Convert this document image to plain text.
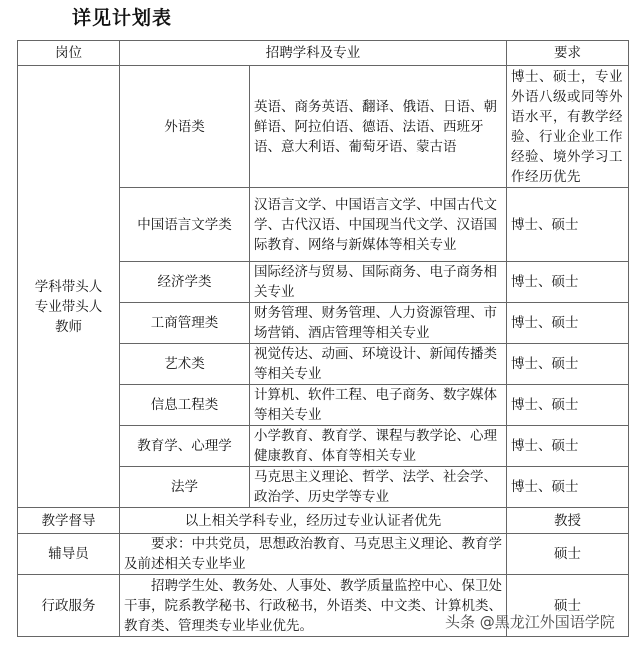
详见计划表
岗位	招聘学科及专业		要求
学科带头人
专业带头人
教师	外语类	英语、商务英语、翻译、俄语、日语、朝鲜语、阿拉伯语、德语、法语、西班牙语、意大利语、葡萄牙语、蒙古语	博士、硕士，专业外语八级或同等外语水平，有教学经验、行业企业工作经验、境外学习工作经历优先
	中国语言文学类	汉语言文学、中国语言文学、中国古代文学、古代汉语、中国现当代文学、汉语国际教育、网络与新媒体等相关专业	博士、硕士
	经济学类	国际经济与贸易、国际商务、电子商务相关专业	博士、硕士
	工商管理类	财务管理、财务管理、人力资源管理、市场营销、酒店管理等相关专业	博士、硕士
	艺术类	视觉传达、动画、环境设计、新闻传播类等相关专业	博士、硕士
	信息工程类	计算机、软件工程、电子商务、数字媒体等相关专业	博士、硕士
	教育学、心理学	小学教育、教育学、课程与教学论、心理健康教育、体育等相关专业	博士、硕士
	法学	马克思主义理论、哲学、法学、社会学、政治学、历史学等专业	博士、硕士
教学督导	以上相关学科专业，经历过专业认证者优先		教授
辅导员	要求：中共党员，思想政治教育、马克思主义理论、教育学及前述相关专业毕业		硕士
行政服务	招聘学生处、教务处、人事处、教学质量监控中心、保卫处干事，院系教学秘书、行政秘书，外语类、中文类、计算机类、教育类、管理类专业毕业优先。		硕士
头条 @黑龙江外国语学院
